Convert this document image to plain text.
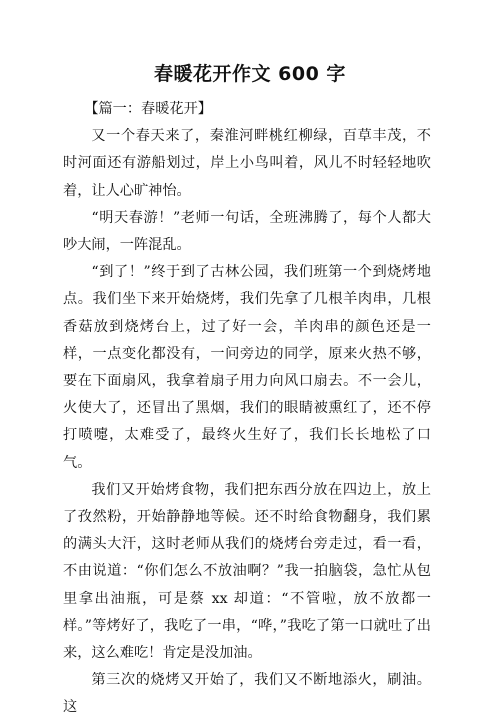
春暖花开作文 600 字

【篇一：春暖花开】

又一个春天来了，秦淮河畔桃红柳绿，百草丰茂，不时河面还有游船划过，岸上小鸟叫着，风儿不时轻轻地吹着，让人心旷神怡。

“明天春游！”老师一句话，全班沸腾了，每个人都大吵大闹，一阵混乱。

“到了！”终于到了古林公园，我们班第一个到烧烤地点。我们坐下来开始烧烤，我们先拿了几根羊肉串，几根香菇放到烧烤台上，过了好一会，羊肉串的颜色还是一样，一点变化都没有，一问旁边的同学，原来火热不够，要在下面扇风，我拿着扇子用力向风口扇去。不一会儿，火使大了，还冒出了黑烟，我们的眼睛被熏红了，还不停打喷嚏，太难受了，最终火生好了，我们长长地松了口气。

我们又开始烤食物，我们把东西分放在四边上，放上了孜然粉，开始静静地等候。还不时给食物翻身，我们累的满头大汗，这时老师从我们的烧烤台旁走过，看一看，不由说道：“你们怎么不放油啊？”我一拍脑袋，急忙从包里拿出油瓶，可是蔡 xx 却道：“不管啦，放不放都一样。”等烤好了，我吃了一串，“哗，”我吃了第一口就吐了出来，这么难吃！肯定是没加油。

第三次的烧烤又开始了，我们又不断地添火，刷油。这
